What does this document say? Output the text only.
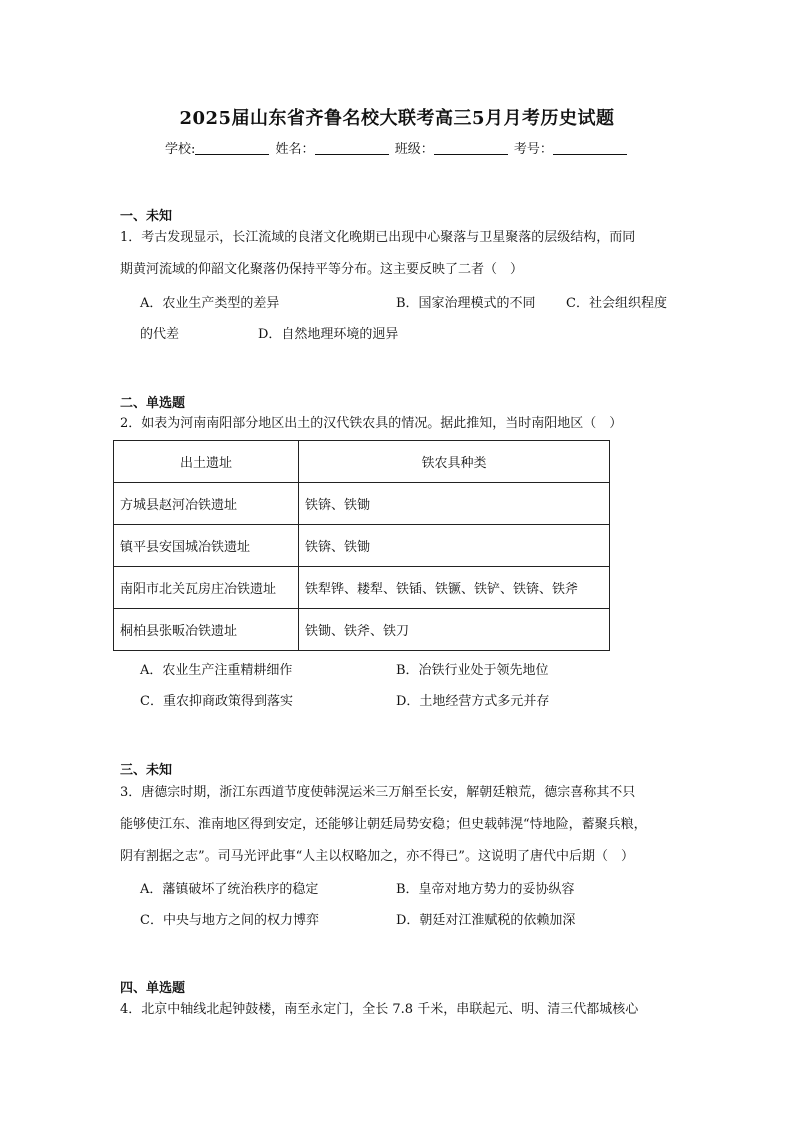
2025届山东省齐鲁名校大联考高三5月月考历史试题
学校:	姓名：	班级：	考号：
一、未知
1．考古发现显示，长江流域的良渚文化晚期已出现中心聚落与卫星聚落的层级结构，而同
期黄河流域的仰韶文化聚落仍保持平等分布。这主要反映了二者（　）
A．农业生产类型的差异	B．国家治理模式的不同 C．社会组织程度
的代差	D．自然地理环境的迥异
二、单选题
2．如表为河南南阳部分地区出土的汉代铁农具的情况。据此推知，当时南阳地区（　）
出土遗址	铁农具种类
方城县赵河冶铁遗址	铁锛、铁锄
镇平县安国城冶铁遗址	铁锛、铁锄
南阳市北关瓦房庄冶铁遗址	铁犁铧、耧犁、铁锸、铁镢、铁铲、铁锛、铁斧
桐柏县张畈冶铁遗址	铁锄、铁斧、铁刀
A．农业生产注重精耕细作	B．冶铁行业处于领先地位
C．重农抑商政策得到落实	D．土地经营方式多元并存
三、未知
3．唐德宗时期，浙江东西道节度使韩滉运米三万斛至长安，解朝廷粮荒，德宗喜称其不只
能够使江东、淮南地区得到安定，还能够让朝廷局势安稳；但史载韩滉“恃地险，蓄聚兵粮，
阴有割据之志”。司马光评此事“人主以权略加之，亦不得已”。这说明了唐代中后期（　）
A．藩镇破坏了统治秩序的稳定	B．皇帝对地方势力的妥协纵容
C．中央与地方之间的权力博弈	D．朝廷对江淮赋税的依赖加深
四、单选题
4．北京中轴线北起钟鼓楼，南至永定门，全长 7.8 千米，串联起元、明、清三代都城核心
